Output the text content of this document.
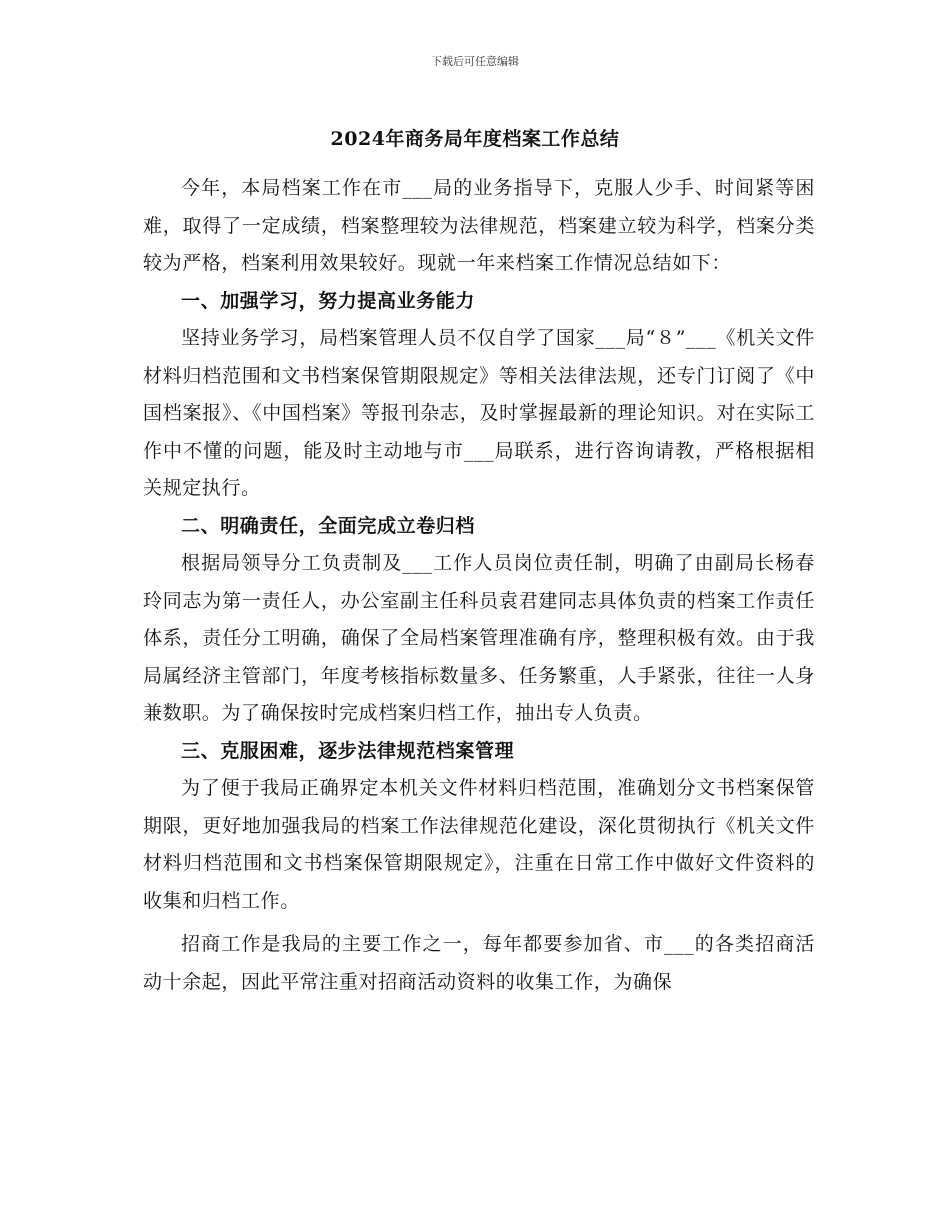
下载后可任意编辑
2024年商务局年度档案工作总结

今年，本局档案工作在市___局的业务指导下，克服人少手、时间紧等困难，取得了一定成绩，档案整理较为法律规范，档案建立较为科学，档案分类较为严格，档案利用效果较好。现就一年来档案工作情况总结如下：

一、加强学习，努力提高业务能力

坚持业务学习，局档案管理人员不仅自学了国家___局“８”___《机关文件材料归档范围和文书档案保管期限规定》等相关法律法规，还专门订阅了《中国档案报》、《中国档案》等报刊杂志，及时掌握最新的理论知识。对在实际工作中不懂的问题，能及时主动地与市___局联系，进行咨询请教，严格根据相关规定执行。

二、明确责任，全面完成立卷归档

根据局领导分工负责制及___工作人员岗位责任制，明确了由副局长杨春玲同志为第一责任人，办公室副主任科员袁君建同志具体负责的档案工作责任体系，责任分工明确，确保了全局档案管理准确有序，整理积极有效。由于我局属经济主管部门，年度考核指标数量多、任务繁重，人手紧张，往往一人身兼数职。为了确保按时完成档案归档工作，抽出专人负责。

三、克服困难，逐步法律规范档案管理

为了便于我局正确界定本机关文件材料归档范围，准确划分文书档案保管期限，更好地加强我局的档案工作法律规范化建设，深化贯彻执行《机关文件材料归档范围和文书档案保管期限规定》，注重在日常工作中做好文件资料的收集和归档工作。

招商工作是我局的主要工作之一，每年都要参加省、市___的各类招商活动十余起，因此平常注重对招商活动资料的收集工作，为确保
